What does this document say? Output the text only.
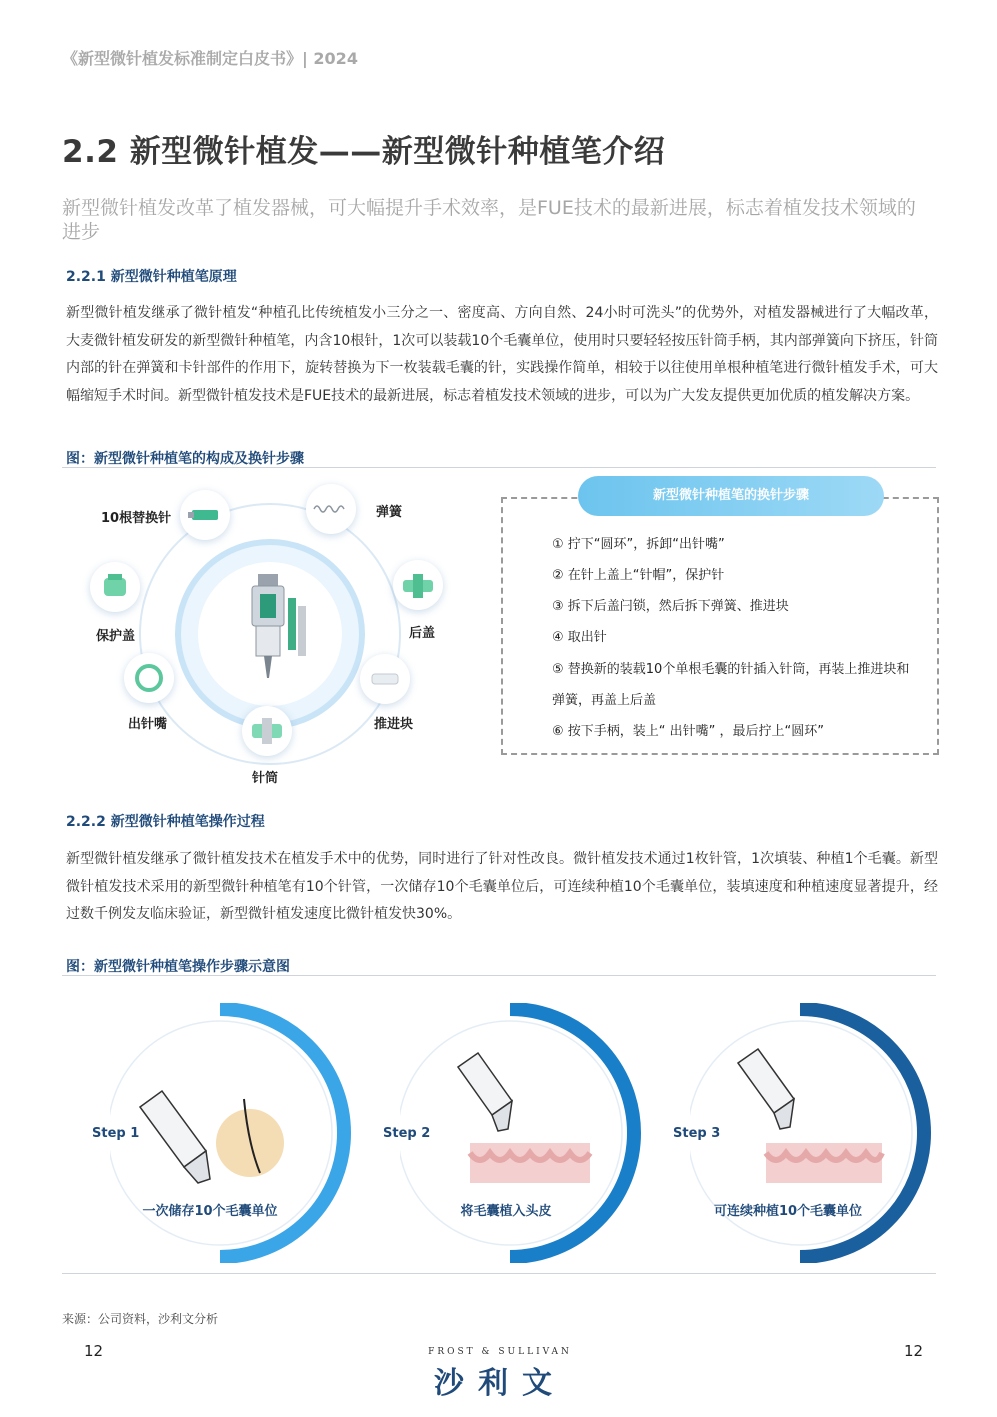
《新型微针植发标准制定白皮书》| 2024
2.2 新型微针植发——新型微针种植笔介绍
新型微针植发改革了植发器械，可大幅提升手术效率，是FUE技术的最新进展，标志着植发技术领域的进步
2.2.1 新型微针种植笔原理
新型微针植发继承了微针植发“种植孔比传统植发小三分之一、密度高、方向自然、24小时可洗头”的优势外，对植发器械进行了大幅改革，大麦微针植发研发的新型微针种植笔，内含10根针，1次可以装载10个毛囊单位，使用时只要轻轻按压针筒手柄，其内部弹簧向下挤压，针筒内部的针在弹簧和卡针部件的作用下，旋转替换为下一枚装载毛囊的针，实践操作简单，相较于以往使用单根种植笔进行微针植发手术，可大幅缩短手术时间。新型微针植发技术是FUE技术的最新进展，标志着植发技术领域的进步，可以为广大发友提供更加优质的植发解决方案。
图：新型微针种植笔的构成及换针步骤
10根替换针	弹簧
保护盖	后盖
出针嘴	推进块
针筒
新型微针种植笔的换针步骤
① 拧下“圆环”，拆卸“出针嘴”
② 在针上盖上“针帽”，保护针
③ 拆下后盖闩锁，然后拆下弹簧、推进块
④ 取出针
⑤ 替换新的装载10个单根毛囊的针插入针筒，再装上推进块和
弹簧，再盖上后盖
⑥ 按下手柄，装上“ 出针嘴” ，最后拧上“圆环”
2.2.2 新型微针种植笔操作过程
新型微针植发继承了微针植发技术在植发手术中的优势，同时进行了针对性改良。微针植发技术通过1枚针管，1次填装、种植1个毛囊。新型微针植发技术采用的新型微针种植笔有10个针管，一次储存10个毛囊单位后，可连续种植10个毛囊单位，装填速度和种植速度显著提升，经过数千例发友临床验证，新型微针植发速度比微针植发快30%。
图：新型微针种植笔操作步骤示意图
Step 1
一次储存10个毛囊单位
Step 2
将毛囊植入头皮
Step 3
可连续种植10个毛囊单位
来源：公司资料，沙利文分析
12	12
FROST & SULLIVAN
沙利文
